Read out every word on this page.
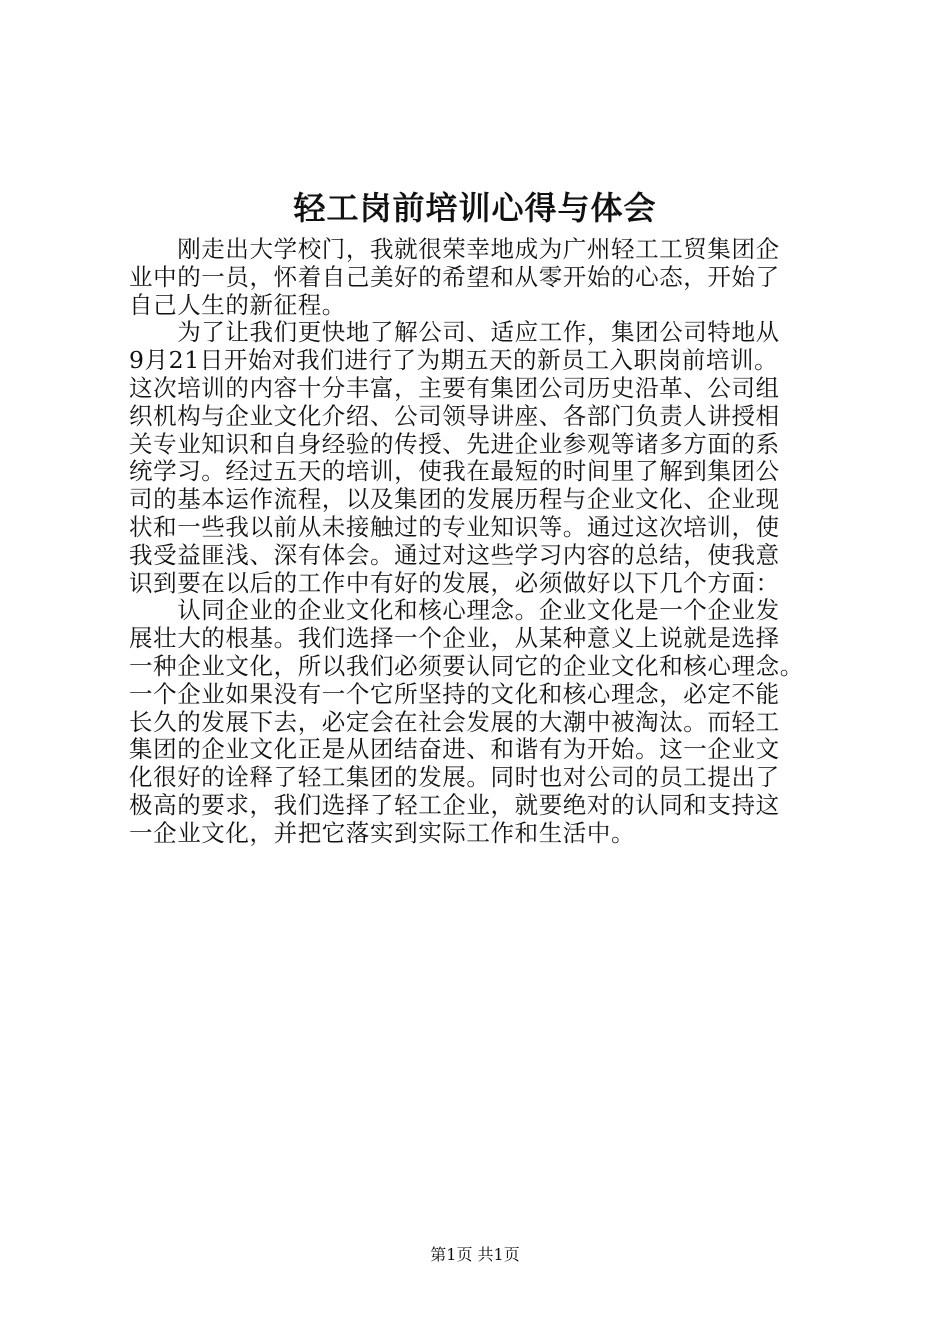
轻工岗前培训心得与体会
　　刚走出大学校门，我就很荣幸地成为广州轻工工贸集团企
业中的一员，怀着自己美好的希望和从零开始的心态，开始了
自己人生的新征程。
　　为了让我们更快地了解公司、适应工作，集团公司特地从
9月21日开始对我们进行了为期五天的新员工入职岗前培训。
这次培训的内容十分丰富，主要有集团公司历史沿革、公司组
织机构与企业文化介绍、公司领导讲座、各部门负责人讲授相
关专业知识和自身经验的传授、先进企业参观等诸多方面的系
统学习。经过五天的培训，使我在最短的时间里了解到集团公
司的基本运作流程，以及集团的发展历程与企业文化、企业现
状和一些我以前从未接触过的专业知识等。通过这次培训，使
我受益匪浅、深有体会。通过对这些学习内容的总结，使我意
识到要在以后的工作中有好的发展，必须做好以下几个方面：
　　认同企业的企业文化和核心理念。企业文化是一个企业发
展壮大的根基。我们选择一个企业，从某种意义上说就是选择
一种企业文化，所以我们必须要认同它的企业文化和核心理念。
一个企业如果没有一个它所坚持的文化和核心理念，必定不能
长久的发展下去，必定会在社会发展的大潮中被淘汰。而轻工
集团的企业文化正是从团结奋进、和谐有为开始。这一企业文
化很好的诠释了轻工集团的发展。同时也对公司的员工提出了
极高的要求，我们选择了轻工企业，就要绝对的认同和支持这
一企业文化，并把它落实到实际工作和生活中。
第1页 共1页
